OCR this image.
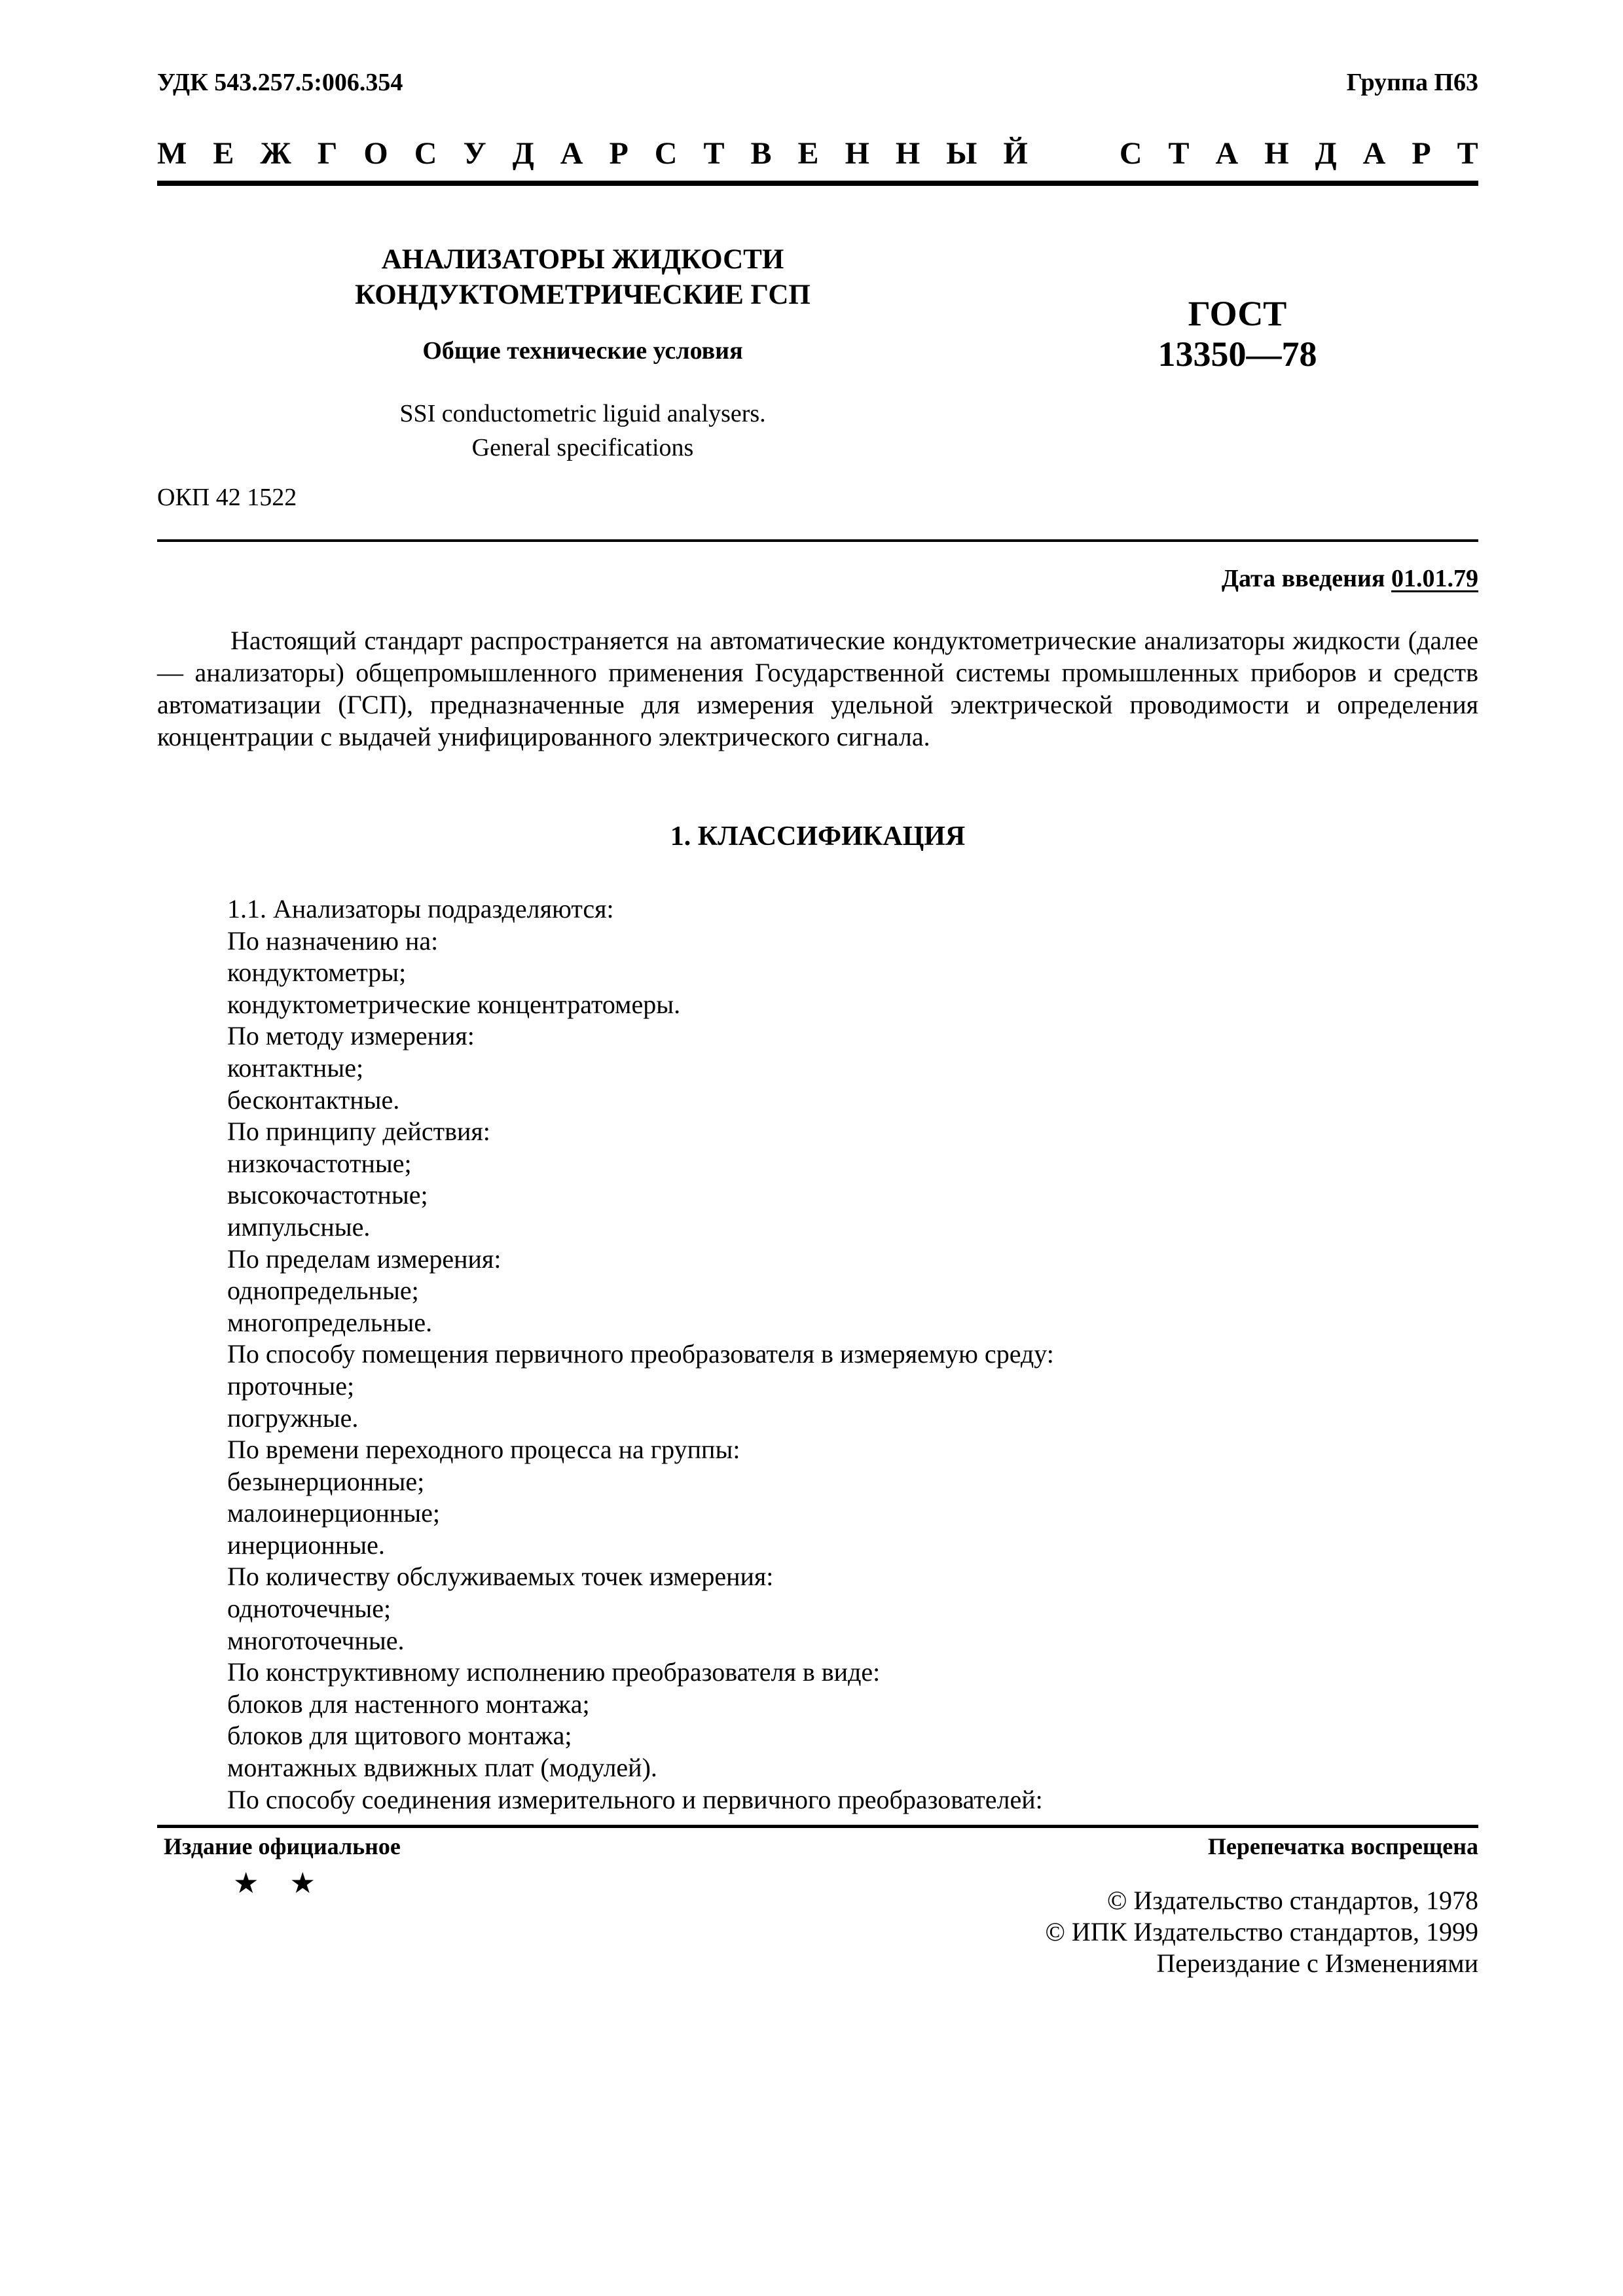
УДК 543.257.5:006.354	Группа П63
М Е Ж Г О С У Д А Р С Т В Е Н Н Ы Й	С Т А Н Д А Р Т
АНАЛИЗАТОРЫ ЖИДКОСТИ
КОНДУКТОМЕТРИЧЕСКИЕ ГСП
Общие технические условия
SSI conductometric liguid analysers.
General specifications
ГОСТ
13350—78
ОКП 42 1522
Дата введения 01.01.79
Настоящий стандарт распространяется на автоматические кондуктометрические анализаторы жидкости (далее — анализаторы) общепромышленного применения Государственной системы промышленных приборов и средств автоматизации (ГСП), предназначенные для измерения удельной электрической проводимости и определения концентрации с выдачей унифицированного электрического сигнала.
1. КЛАССИФИКАЦИЯ
1.1. Анализаторы подразделяются:
По назначению на:
кондуктометры;
кондуктометрические концентратомеры.
По методу измерения:
контактные;
бесконтактные.
По принципу действия:
низкочастотные;
высокочастотные;
импульсные.
По пределам измерения:
однопредельные;
многопредельные.
По способу помещения первичного преобразователя в измеряемую среду:
проточные;
погружные.
По времени переходного процесса на группы:
безынерционные;
малоинерционные;
инерционные.
По количеству обслуживаемых точек измерения:
одноточечные;
многоточечные.
По конструктивному исполнению преобразователя в виде:
блоков для настенного монтажа;
блоков для щитового монтажа;
монтажных вдвижных плат (модулей).
По способу соединения измерительного и первичного преобразователей:
Издание официальное	Перепечатка воспрещена
★ ★
© Издательство стандартов, 1978
© ИПК Издательство стандартов, 1999
Переиздание с Изменениями
